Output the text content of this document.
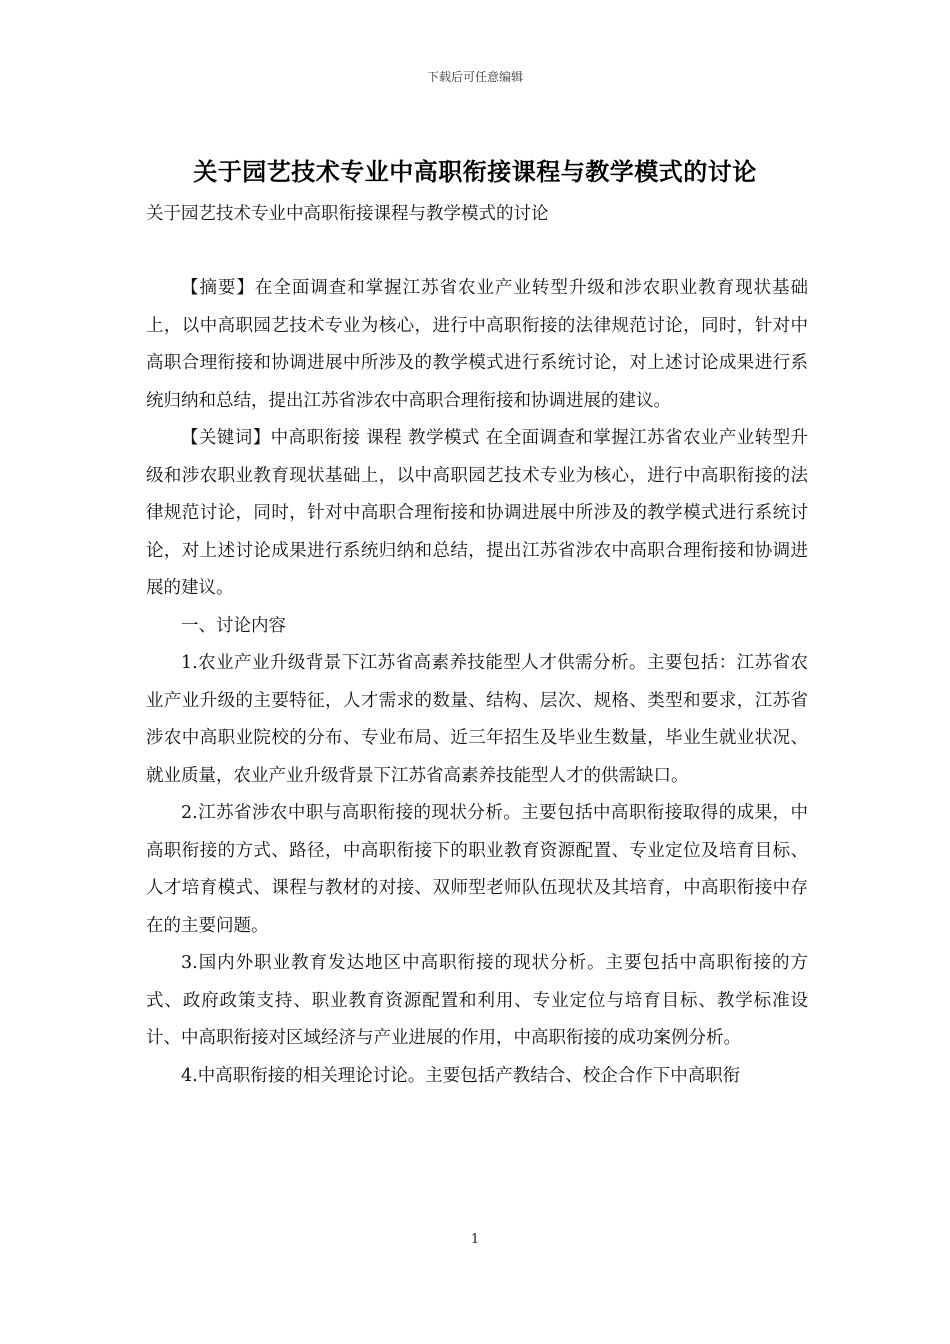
下载后可任意编辑
关于园艺技术专业中高职衔接课程与教学模式的讨论
关于园艺技术专业中高职衔接课程与教学模式的讨论

【摘要】在全面调查和掌握江苏省农业产业转型升级和涉农职业教育现状基础上，以中高职园艺技术专业为核心，进行中高职衔接的法律规范讨论，同时，针对中高职合理衔接和协调进展中所涉及的教学模式进行系统讨论，对上述讨论成果进行系统归纳和总结，提出江苏省涉农中高职合理衔接和协调进展的建议。

【关键词】中高职衔接 课程 教学模式 在全面调查和掌握江苏省农业产业转型升级和涉农职业教育现状基础上，以中高职园艺技术专业为核心，进行中高职衔接的法律规范讨论，同时，针对中高职合理衔接和协调进展中所涉及的教学模式进行系统讨论，对上述讨论成果进行系统归纳和总结，提出江苏省涉农中高职合理衔接和协调进展的建议。

一、讨论内容

1.农业产业升级背景下江苏省高素养技能型人才供需分析。主要包括：江苏省农业产业升级的主要特征，人才需求的数量、结构、层次、规格、类型和要求，江苏省涉农中高职业院校的分布、专业布局、近三年招生及毕业生数量，毕业生就业状况、就业质量，农业产业升级背景下江苏省高素养技能型人才的供需缺口。

2.江苏省涉农中职与高职衔接的现状分析。主要包括中高职衔接取得的成果，中高职衔接的方式、路径，中高职衔接下的职业教育资源配置、专业定位及培育目标、人才培育模式、课程与教材的对接、双师型老师队伍现状及其培育，中高职衔接中存在的主要问题。

3.国内外职业教育发达地区中高职衔接的现状分析。主要包括中高职衔接的方式、政府政策支持、职业教育资源配置和利用、专业定位与培育目标、教学标准设计、中高职衔接对区域经济与产业进展的作用，中高职衔接的成功案例分析。

4.中高职衔接的相关理论讨论。主要包括产教结合、校企合作下中高职衔

1
